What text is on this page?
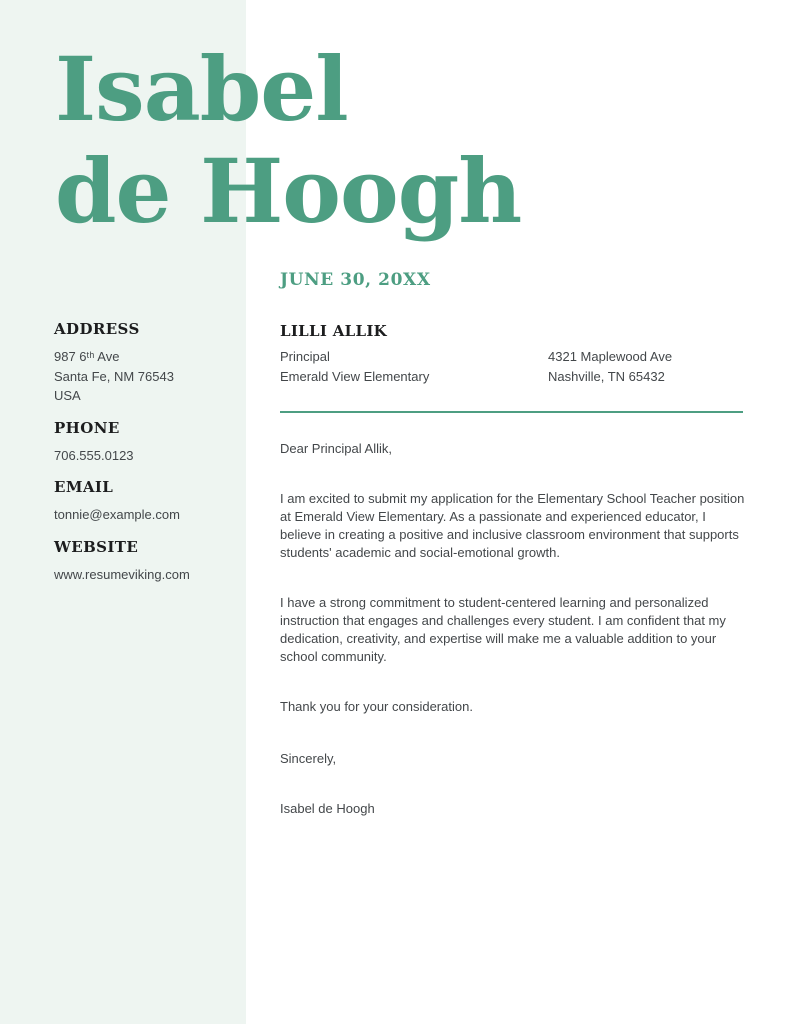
Isabel
de Hoogh
ADDRESS
987 6ᵗʰ Ave
Santa Fe, NM 76543
USA
PHONE
706.555.0123
EMAIL
tonnie@example.com
WEBSITE
www.resumeviking.com
JUNE 30, 20XX
LILLI ALLIK
Principal
Emerald View Elementary
4321 Maplewood Ave
Nashville, TN 65432
Dear Principal Allik,
I am excited to submit my application for the Elementary School Teacher position at Emerald View Elementary. As a passionate and experienced educator, I believe in creating a positive and inclusive classroom environment that supports students' academic and social-emotional growth.
I have a strong commitment to student-centered learning and personalized instruction that engages and challenges every student. I am confident that my dedication, creativity, and expertise will make me a valuable addition to your school community.
Thank you for your consideration.
Sincerely,
Isabel de Hoogh
